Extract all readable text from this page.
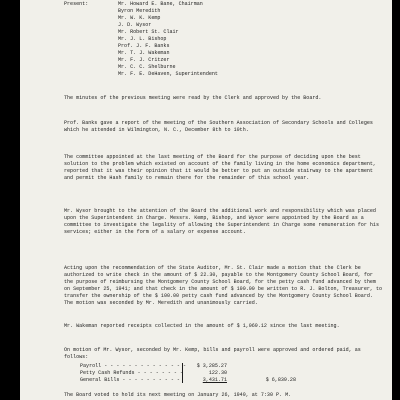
Present:	Mr. Howard E. Bane, Chairman
Byron Meredith
Mr. W. K. Kemp
J. D. Wysor
Mr. Robert St. Clair
Mr. J. L. Bishop
Prof. J. F. Banks
Mr. T. J. Wakeman
Mr. F. J. Critzer
Mr. C. C. Shelburne
Mr. F. E. DeHaven, Superintendent

The minutes of the previous meeting were read by the Clerk and approved by the Board.

Prof. Banks gave a report of the meeting of the Southern Association of Secondary Schools and Colleges which he attended in Wilmington, N. C., December 8th to 10th.

The committee appointed at the last meeting of the Board for the purpose of deciding upon the best solution to the problem which existed on account of the family living in the home economics department, reported that it was their opinion that it would be better to put an outside stairway to the apartment and permit the Hash family to remain there for the remainder of this school year.

Mr. Wysor brought to the attention of the Board the additional work and responsibility which was placed upon the Superintendent in Charge. Messrs. Kemp, Bishop, and Wysor were appointed by the Board as a committee to investigate the legality of allowing the Superintendent in Charge some remuneration for his services; either in the form of a salary or expense account.

Acting upon the recommendation of the State Auditor, Mr. St. Clair made a motion that the Clerk be authorized to write check in the amount of $ 22.30, payable to the Montgomery County School Board, for the purpose of reimbursing the Montgomery County School Board, for the petty cash fund advanced by them on September 25, 1941; and that check in the amount of $ 100.00 be written to R. J. Bolton, Treasurer, to transfer the ownership of the $ 100.00 petty cash fund advanced by the Montgomery County School Board. The motion was seconded by Mr. Meredith and unanimously carried.

Mr. Wakeman reported receipts collected in the amount of $ 1,069.12 since the last meeting.

On motion of Mr. Wysor, seconded by Mr. Kemp, bills and payroll were approved and ordered paid, as follows:

Payroll - - - - - - - - - - - - - -	$ 3,285.27
Petty Cash Refunds - - - - - - - -	122.30
General Bills - - - - - - - - - -	3,431.71	$ 6,839.28

The Board voted to hold its next meeting on January 26, 1949, at 7:30 P. M.
